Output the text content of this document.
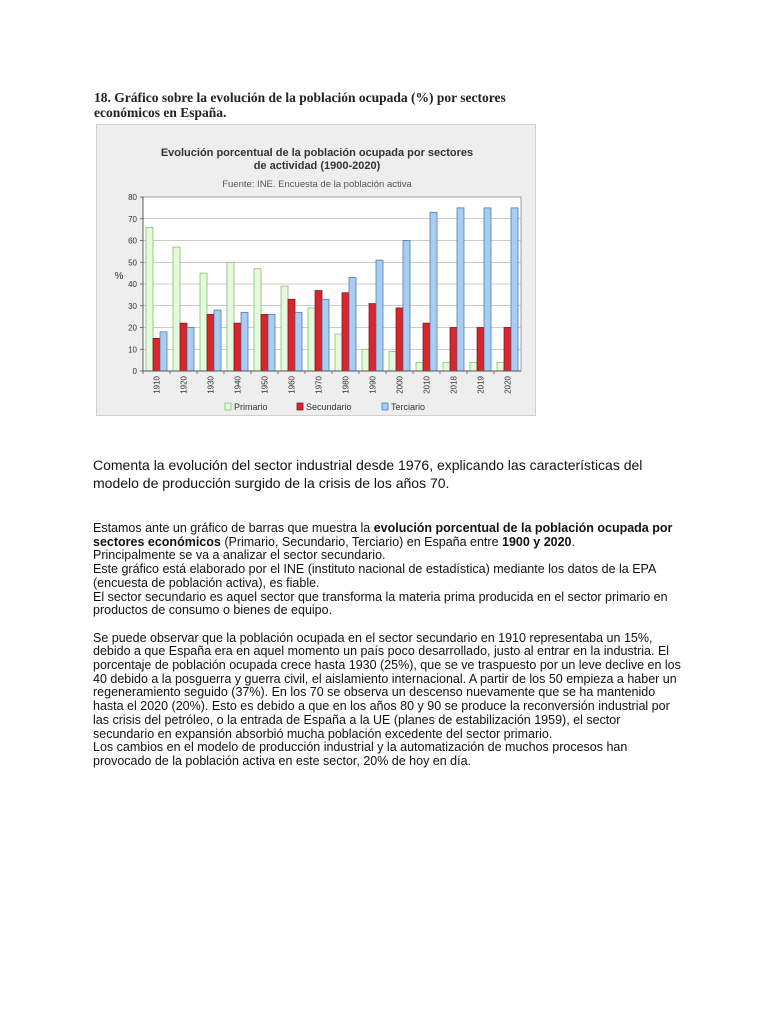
18. Gráfico sobre la evolución de la población ocupada (%) por sectores económicos en España.
Evolución porcentual de la población ocupada por sectores
de actividad (1900-2020)
Fuente: INE. Encuesta de la población activa
%
0
10
20
30
40
50
60
70
80
1910 1920 1930 1940 1950 1960 1970 1980 1990 2000 2010 2018 2019 2020
Primario	Secundario	Terciario

Comenta la evolución del sector industrial desde 1976, explicando las características del modelo de producción surgido de la crisis de los años 70.

Estamos ante un gráfico de barras que muestra la evolución porcentual de la población ocupada por sectores económicos (Primario, Secundario, Terciario) en España entre 1900 y 2020.

Principalmente se va a analizar el sector secundario.

Este gráfico está elaborado por el INE (instituto nacional de estadística) mediante los datos de la EPA (encuesta de población activa), es fiable.

El sector secundario es aquel sector que transforma la materia prima producida en el sector primario en productos de consumo o bienes de equipo.

Se puede observar que la población ocupada en el sector secundario en 1910 representaba un 15%, debido a que España era en aquel momento un país poco desarrollado, justo al entrar en la industria. El porcentaje de población ocupada crece hasta 1930 (25%), que se ve traspuesto por un leve declive en los 40 debido a la posguerra y guerra civil, el aislamiento internacional. A partir de los 50 empieza a haber un regeneramiento seguido (37%). En los 70 se observa un descenso nuevamente que se ha mantenido hasta el 2020 (20%). Esto es debido a que en los años 80 y 90 se produce la reconversión industrial por las crisis del petróleo, o la entrada de España a la UE (planes de estabilización 1959), el sector secundario en expansión absorbió mucha población excedente del sector primario.

Los cambios en el modelo de producción industrial y la automatización de muchos procesos han provocado de la población activa en este sector, 20% de hoy en día.
